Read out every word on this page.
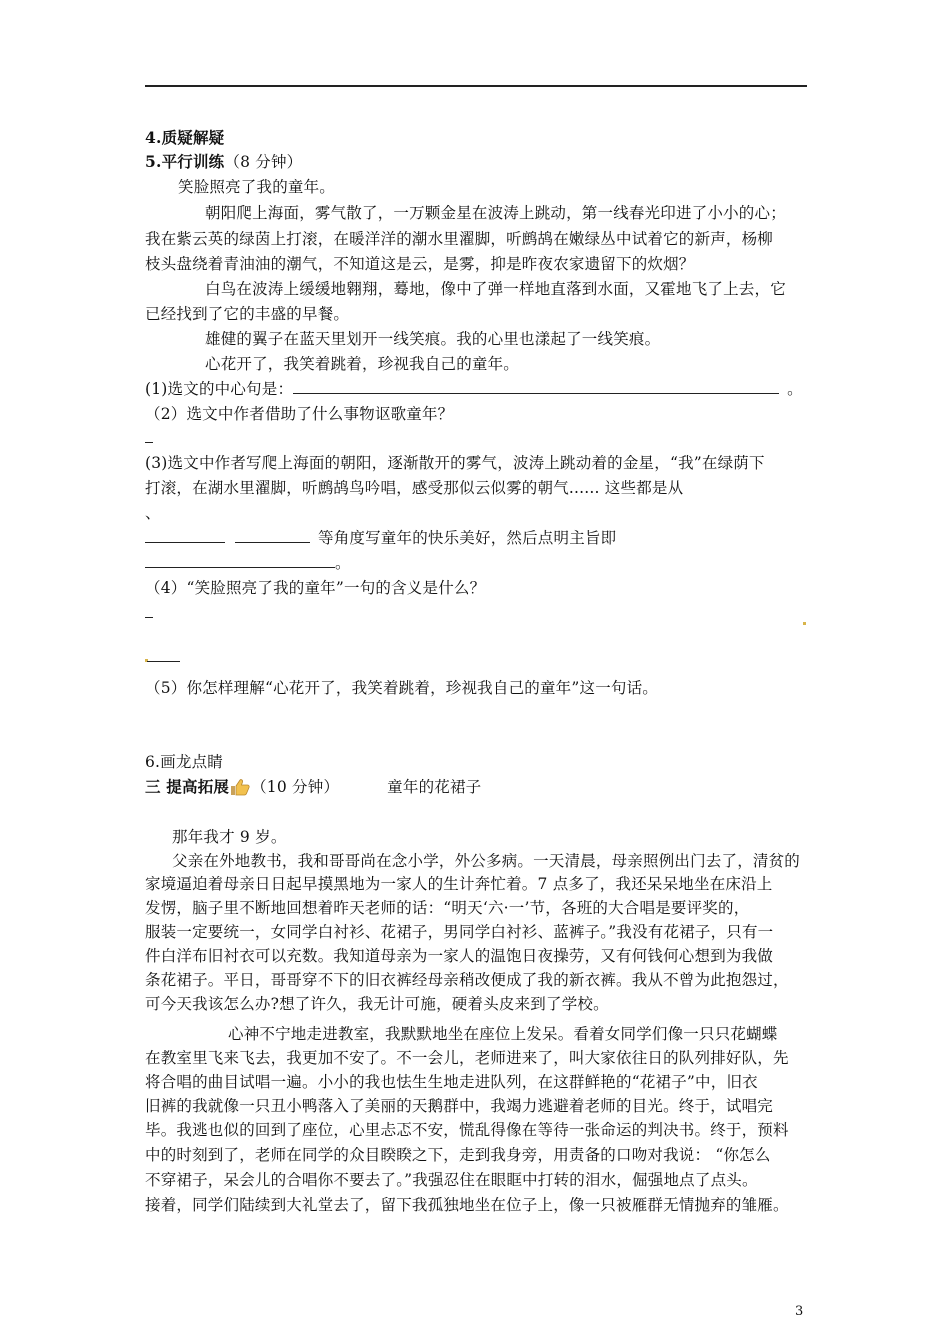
4.质疑解疑
5.平行训练（8 分钟）
笑脸照亮了我的童年。
朝阳爬上海面，雾气散了，一万颗金星在波涛上跳动，第一线春光印进了小小的心；
我在紫云英的绿茵上打滚，在暖洋洋的潮水里濯脚，听鹧鸪在嫩绿丛中试着它的新声，杨柳
枝头盘绕着青油油的潮气，不知道这是云，是雾，抑是昨夜农家遗留下的炊烟？
白鸟在波涛上缓缓地翱翔，蓦地，像中了弹一样地直落到水面，又霍地飞了上去，它
已经找到了它的丰盛的早餐。
雄健的翼子在蓝天里划开一线笑痕。我的心里也漾起了一线笑痕。
心花开了，我笑着跳着，珍视我自己的童年。
(1)选文的中心句是：	。
（2）选文中作者借助了什么事物讴歌童年？
(3)选文中作者写爬上海面的朝阳，逐渐散开的雾气，波涛上跳动着的金星，“我”在绿荫下
打滚，在湖水里濯脚，听鹧鸪鸟吟唱，感受那似云似雾的朝气...... 这些都是从
、
等角度写童年的快乐美好，然后点明主旨即
。
（4）“笑脸照亮了我的童年”一句的含义是什么？
（5）你怎样理解“心花开了，我笑着跳着，珍视我自己的童年”这一句话。
6.画龙点睛
三 提高拓展 （10 分钟）	童年的花裙子
那年我才 9 岁。
父亲在外地教书，我和哥哥尚在念小学，外公多病。一天清晨，母亲照例出门去了，清贫的
家境逼迫着母亲日日起早摸黑地为一家人的生计奔忙着。7 点多了，我还呆呆地坐在床沿上
发愣，脑子里不断地回想着昨天老师的话：“明天‘六·一’节，各班的大合唱是要评奖的，
服装一定要统一，女同学白衬衫、花裙子，男同学白衬衫、蓝裤子。”我没有花裙子，只有一
件白洋布旧衬衣可以充数。我知道母亲为一家人的温饱日夜操劳，又有何钱何心想到为我做
条花裙子。平日，哥哥穿不下的旧衣裤经母亲稍改便成了我的新衣裤。我从不曾为此抱怨过，
可今天我该怎么办?想了许久，我无计可施，硬着头皮来到了学校。
心神不宁地走进教室，我默默地坐在座位上发呆。看着女同学们像一只只花蝴蝶
在教室里飞来飞去，我更加不安了。不一会儿，老师进来了，叫大家依往日的队列排好队，先
将合唱的曲目试唱一遍。小小的我也怯生生地走进队列，在这群鲜艳的“花裙子”中，旧衣
旧裤的我就像一只丑小鸭落入了美丽的天鹅群中，我竭力逃避着老师的目光。终于，试唱完
毕。我逃也似的回到了座位，心里忐忑不安，慌乱得像在等待一张命运的判决书。终于，预料
中的时刻到了，老师在同学的众目睽睽之下，走到我身旁，用责备的口吻对我说： “你怎么
不穿裙子，呆会儿的合唱你不要去了。”我强忍住在眼眶中打转的泪水，倔强地点了点头。
接着，同学们陆续到大礼堂去了，留下我孤独地坐在位子上，像一只被雁群无情抛弃的雏雁。
3
